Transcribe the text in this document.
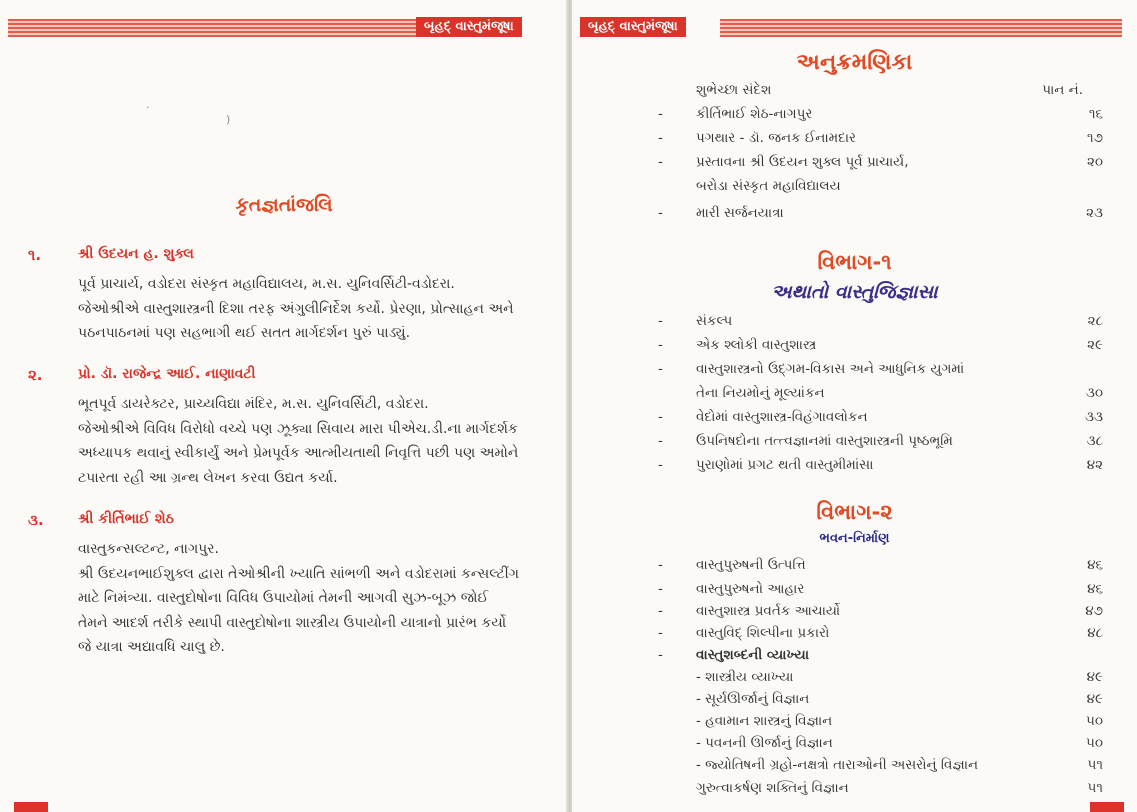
બૃહદ્ વાસ્તુમંજૂષા
·
)
કૃતજ્ઞતાંજલિ
૧.	શ્રી ઉદયન હ. શુક્લ
પૂર્વ પ્રાચાર્ય, વડોદરા સંસ્કૃત મહાવિદ્યાલય, મ.સ. યુનિવર્સિટી-વડોદરા.
જેઓશ્રીએ વાસ્તુશાસ્ત્રની દિશા તરફ અંગુલીનિર્દેશ કર્યો. પ્રેરણા, પ્રોત્સાહન અને
પઠનપાઠનમાં પણ સહભાગી થઈ સતત માર્ગદર્શન પુરું પાડ્યું.
૨.	પ્રો. ડૉ. રાજેન્દ્ર આઈ. નાણાવટી
ભૂતપૂર્વ ડાયરેક્ટર, પ્રાચ્યવિદ્યા મંદિર, મ.સ. યુનિવર્સિટી, વડોદરા.
જેઓશ્રીએ વિવિધ વિરોધો વચ્ચે પણ ઝૂક્યા સિવાય મારા પીએચ.ડી.ના માર્ગદર્શક
અધ્યાપક થવાનું સ્વીકાર્યું અને પ્રેમપૂર્વક આત્મીયતાથી નિવૃત્તિ પછી પણ અમોને
ટપારતા રહી આ ગ્રન્થ લેખન કરવા ઉદ્યત કર્યા.
૩. શ્રી કીર્તિભાઈ શેઠ
વાસ્તુકન્સલ્ટન્ટ, નાગપુર.
શ્રી ઉદયનભાઈશુક્લ દ્વારા તેઓશ્રીની ખ્યાતિ સાંભળી અને વડોદરામાં કન્સલ્ટીંગ
માટે નિમંત્ર્યા. વાસ્તુદોષોના વિવિધ ઉપાયોમાં તેમની આગવી સુઝ-બૂઝ જોઈ
તેમને આદર્શ તરીકે સ્થાપી વાસ્તુદોષોના શાસ્ત્રીય ઉપાયોની યાત્રાનો પ્રારંભ કર્યો
જે યાત્રા અદ્યાવધિ ચાલુ છે.
બૃહદ્ વાસ્તુમંજૂષા
અનુક્રમણિકા
શુભેચ્છા સંદેશ	પાન નં.
- કીર્તિભાઈ શેઠ-નાગપુર	૧૬
- પગથાર - ડૉ. જનક ઈનામદાર	૧૭
- પ્રસ્તાવના શ્રી ઉદયન શુક્લ પૂર્વ પ્રાચાર્ય,	૨૦
બરોડા સંસ્કૃત મહાવિદ્યાલય
- મારી સર્જનયાત્રા	૨૩
વિભાગ-૧
અથાતો વાસ્તુજિજ્ઞાસા
- સંકલ્પ	૨૮
- એક શ્લોકી વાસ્તુશાસ્ત્ર	૨૯
- વાસ્તુશાસ્ત્રનો ઉદ્ગમ-વિકાસ અને આધુનિક યુગમાં
તેના નિયમોનું મૂલ્યાંકન	૩૦
- વેદોમાં વાસ્તુશાસ્ત્ર-વિહંગાવલોકન	૩૩
- ઉપનિષદોના તત્ત્વજ્ઞાનમાં વાસ્તુશાસ્ત્રની પૃષ્ઠભૂમિ	૩૮
- પુરાણોમાં પ્રગટ થતી વાસ્તુમીમાંસા	૪૨
વિભાગ-૨
ભવન-નિર્માણ
- વાસ્તુપુરુષની ઉત્પત્તિ	૪૬
- વાસ્તુપુરુષનો આહાર	૪૬
- વાસ્તુશાસ્ત્ર પ્રવર્તક આચાર્યો	૪૭
- વાસ્તુવિદ્ શિલ્પીના પ્રકારો	૪૮
- વાસ્તુશબ્દની વ્યાખ્યા
- શાસ્ત્રીય વ્યાખ્યા	૪૯
- સૂર્યઊર્જાનું વિજ્ઞાન	૪૯
- હવામાન શાસ્ત્રનું વિજ્ઞાન	૫૦
- પવનની ઊર્જાનું વિજ્ઞાન	૫૦
- જ્યોતિષની ગ્રહો-નક્ષત્રો તારાઓની અસરોનું વિજ્ઞાન	૫૧
ગુરુત્વાકર્ષણ શક્તિનું વિજ્ઞાન	૫૧
